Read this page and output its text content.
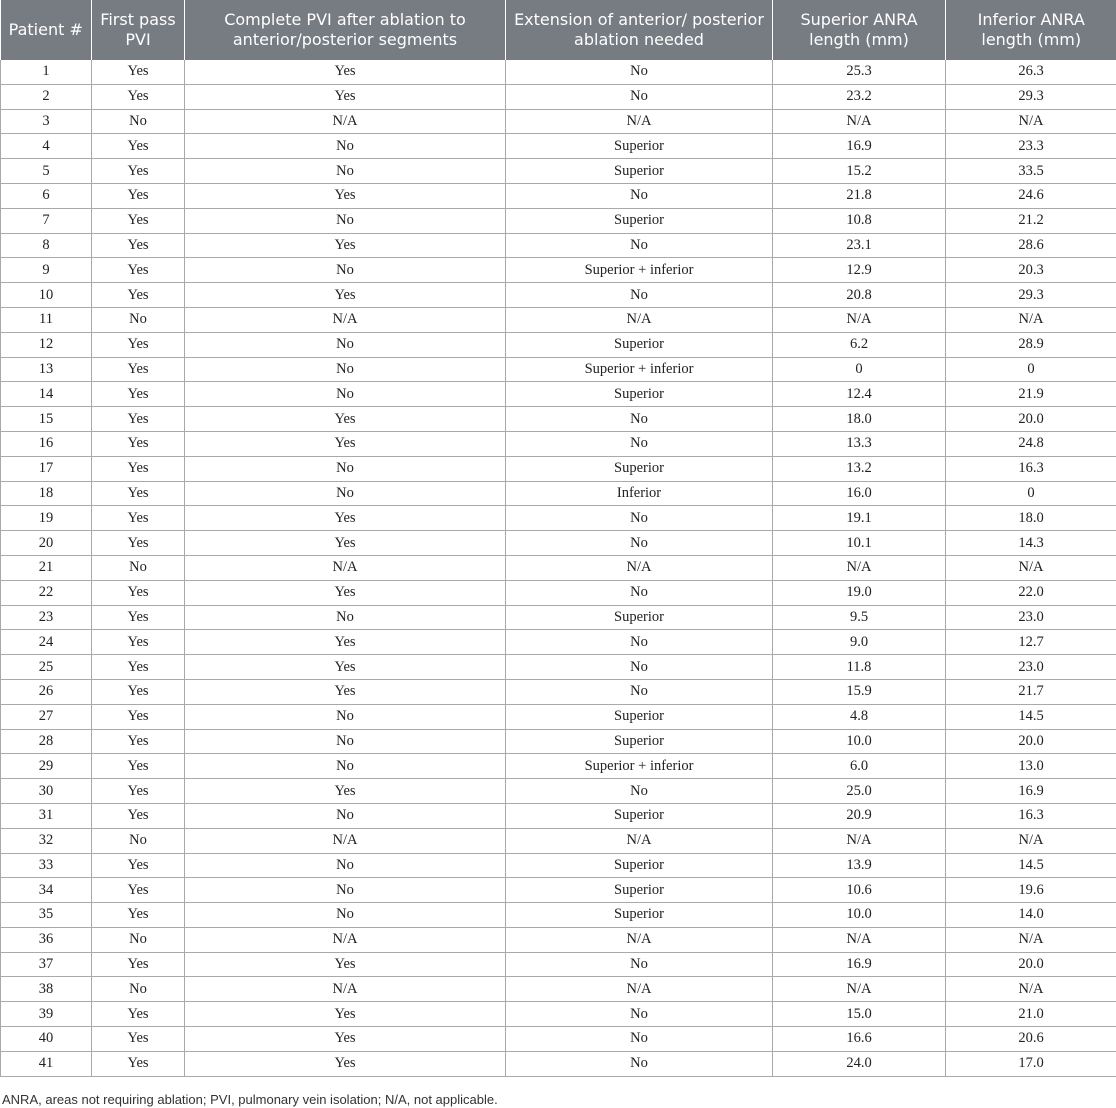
Patient #	First pass PVI	Complete PVI after ablation to anterior/posterior segments	Extension of anterior/ posterior ablation needed	Superior ANRA length (mm)	Inferior ANRA length (mm)
1	Yes	Yes	No	25.3	26.3
2	Yes	Yes	No	23.2	29.3
3	No	N/A	N/A	N/A	N/A
4	Yes	No	Superior	16.9	23.3
5	Yes	No	Superior	15.2	33.5
6	Yes	Yes	No	21.8	24.6
7	Yes	No	Superior	10.8	21.2
8	Yes	Yes	No	23.1	28.6
9	Yes	No	Superior + inferior	12.9	20.3
10	Yes	Yes	No	20.8	29.3
11	No	N/A	N/A	N/A	N/A
12	Yes	No	Superior	6.2	28.9
13	Yes	No	Superior + inferior	0	0
14	Yes	No	Superior	12.4	21.9
15	Yes	Yes	No	18.0	20.0
16	Yes	Yes	No	13.3	24.8
17	Yes	No	Superior	13.2	16.3
18	Yes	No	Inferior	16.0	0
19	Yes	Yes	No	19.1	18.0
20	Yes	Yes	No	10.1	14.3
21	No	N/A	N/A	N/A	N/A
22	Yes	Yes	No	19.0	22.0
23	Yes	No	Superior	9.5	23.0
24	Yes	Yes	No	9.0	12.7
25	Yes	Yes	No	11.8	23.0
26	Yes	Yes	No	15.9	21.7
27	Yes	No	Superior	4.8	14.5
28	Yes	No	Superior	10.0	20.0
29	Yes	No	Superior + inferior	6.0	13.0
30	Yes	Yes	No	25.0	16.9
31	Yes	No	Superior	20.9	16.3
32	No	N/A	N/A	N/A	N/A
33	Yes	No	Superior	13.9	14.5
34	Yes	No	Superior	10.6	19.6
35	Yes	No	Superior	10.0	14.0
36	No	N/A	N/A	N/A	N/A
37	Yes	Yes	No	16.9	20.0
38	No	N/A	N/A	N/A	N/A
39	Yes	Yes	No	15.0	21.0
40	Yes	Yes	No	16.6	20.6
41	Yes	Yes	No	24.0	17.0
ANRA, areas not requiring ablation; PVI, pulmonary vein isolation; N/A, not applicable.
